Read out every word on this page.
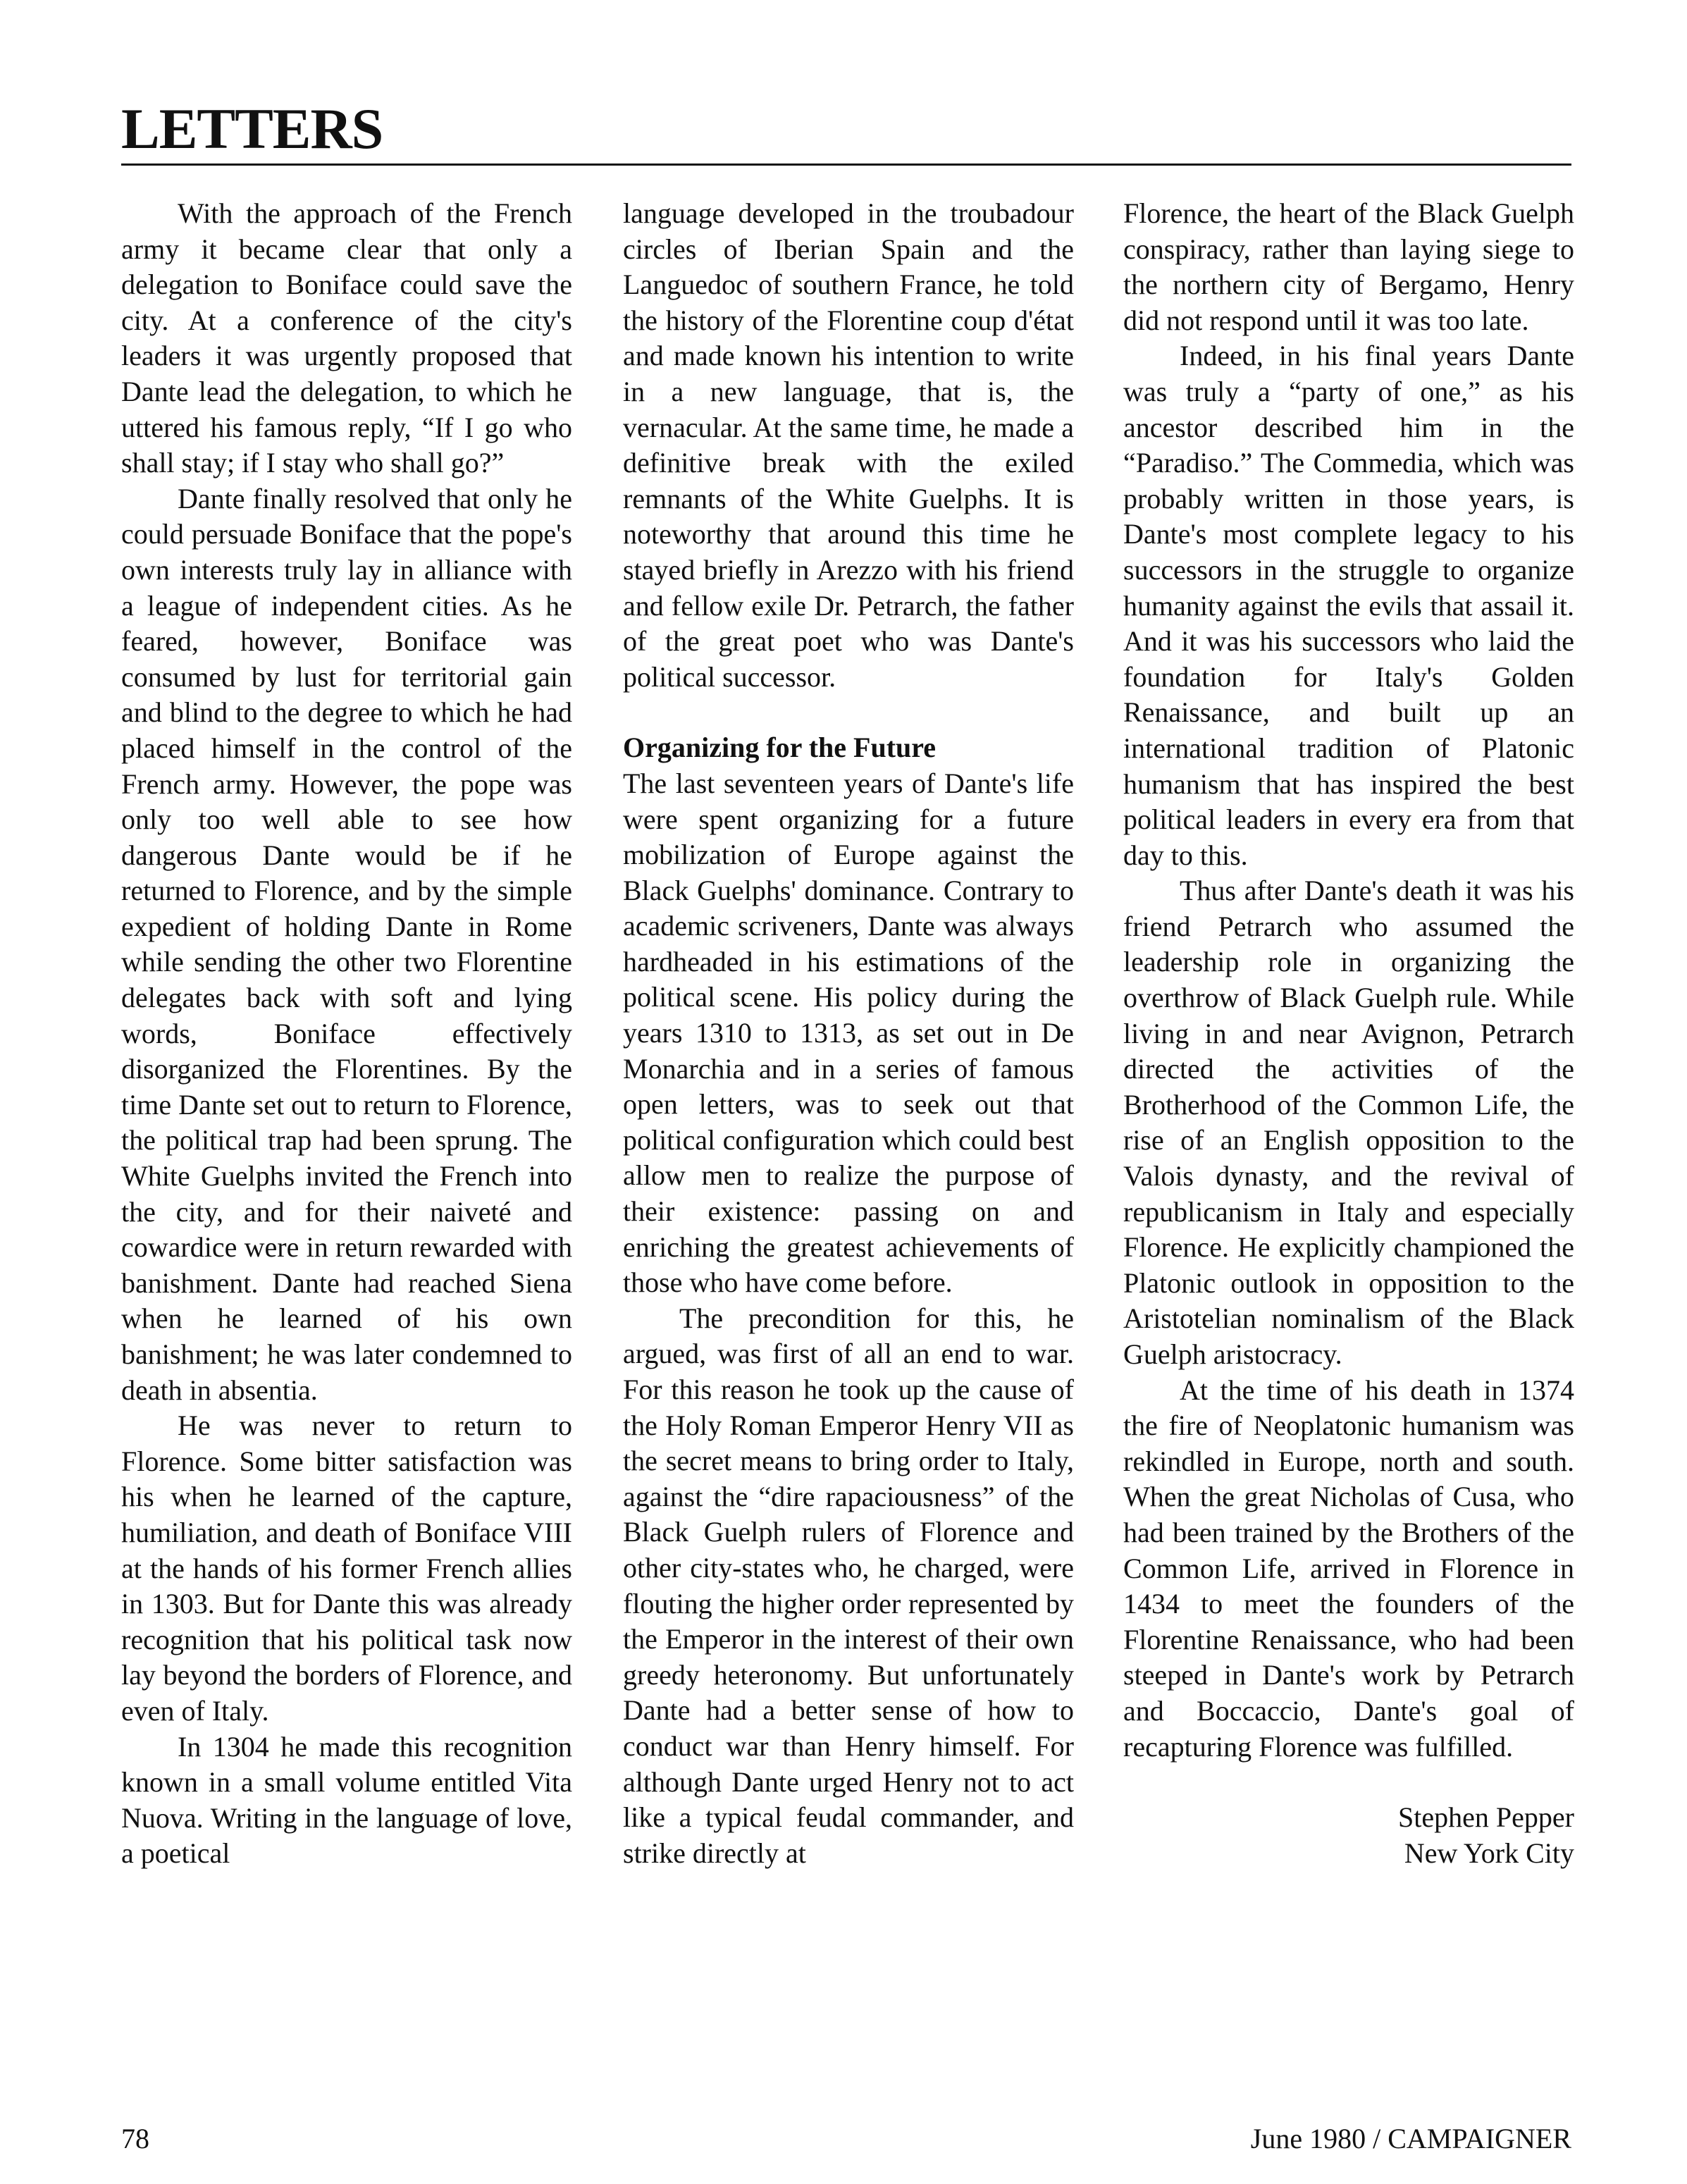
LETTERS

With the approach of the French army it became clear that only a delegation to Boniface could save the city. At a conference of the city's leaders it was urgently proposed that Dante lead the delegation, to which he uttered his famous reply, “If I go who shall stay; if I stay who shall go?”

Dante finally resolved that only he could persuade Boniface that the pope's own interests truly lay in alliance with a league of independent cities. As he feared, however, Boniface was consumed by lust for territorial gain and blind to the degree to which he had placed himself in the control of the French army. However, the pope was only too well able to see how dangerous Dante would be if he returned to Florence, and by the simple expedient of holding Dante in Rome while sending the other two Florentine delegates back with soft and lying words, Boniface effectively disorganized the Florentines. By the time Dante set out to return to Florence, the political trap had been sprung. The White Guelphs invited the French into the city, and for their naiveté and cowardice were in return rewarded with banishment. Dante had reached Siena when he learned of his own banishment; he was later condemned to death in absentia.

He was never to return to Florence. Some bitter satisfaction was his when he learned of the capture, humiliation, and death of Boniface VIII at the hands of his former French allies in 1303. But for Dante this was already recognition that his political task now lay beyond the borders of Florence, and even of Italy.

In 1304 he made this recognition known in a small volume entitled Vita Nuova. Writing in the language of love, a poetical

language developed in the troubadour circles of Iberian Spain and the Languedoc of southern France, he told the history of the Florentine coup d'état and made known his intention to write in a new language, that is, the vernacular. At the same time, he made a definitive break with the exiled remnants of the White Guelphs. It is noteworthy that around this time he stayed briefly in Arezzo with his friend and fellow exile Dr. Petrarch, the father of the great poet who was Dante's political successor.

Organizing for the Future

The last seventeen years of Dante's life were spent organizing for a future mobilization of Europe against the Black Guelphs' dominance. Contrary to academic scriveners, Dante was always hardheaded in his estimations of the political scene. His policy during the years 1310 to 1313, as set out in De Monarchia and in a series of famous open letters, was to seek out that political configuration which could best allow men to realize the purpose of their existence: passing on and enriching the greatest achievements of those who have come before.

The precondition for this, he argued, was first of all an end to war. For this reason he took up the cause of the Holy Roman Emperor Henry VII as the secret means to bring order to Italy, against the “dire rapaciousness” of the Black Guelph rulers of Florence and other city-states who, he charged, were flouting the higher order represented by the Emperor in the interest of their own greedy heteronomy. But unfortunately Dante had a better sense of how to conduct war than Henry himself. For although Dante urged Henry not to act like a typical feudal commander, and strike directly at

Florence, the heart of the Black Guelph conspiracy, rather than laying siege to the northern city of Bergamo, Henry did not respond until it was too late.

Indeed, in his final years Dante was truly a “party of one,” as his ancestor described him in the “Paradiso.” The Commedia, which was probably written in those years, is Dante's most complete legacy to his successors in the struggle to organize humanity against the evils that assail it. And it was his successors who laid the foundation for Italy's Golden Renaissance, and built up an international tradition of Platonic humanism that has inspired the best political leaders in every era from that day to this.

Thus after Dante's death it was his friend Petrarch who assumed the leadership role in organizing the overthrow of Black Guelph rule. While living in and near Avignon, Petrarch directed the activities of the Brotherhood of the Common Life, the rise of an English opposition to the Valois dynasty, and the revival of republicanism in Italy and especially Florence. He explicitly championed the Platonic outlook in opposition to the Aristotelian nominalism of the Black Guelph aristocracy.

At the time of his death in 1374 the fire of Neoplatonic humanism was rekindled in Europe, north and south. When the great Nicholas of Cusa, who had been trained by the Brothers of the Common Life, arrived in Florence in 1434 to meet the founders of the Florentine Renaissance, who had been steeped in Dante's work by Petrarch and Boccaccio, Dante's goal of recapturing Florence was fulfilled.

Stephen Pepper
New York City
78	June 1980 / CAMPAIGNER
